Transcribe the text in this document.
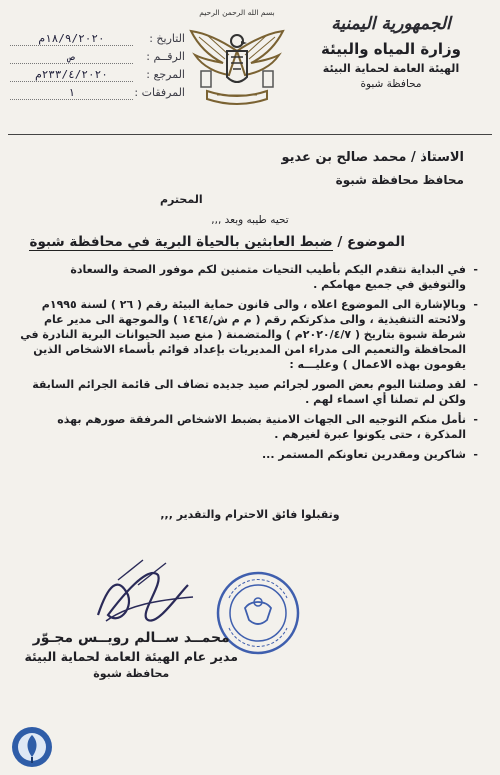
الجمهورية اليمنية
وزارة المياه والبيئة
الهيئة العامة لحماية البيئة
محافظة شبوة
بسم الله الرحمن الرحيم
التاريخ :
١٨/٩/٢٠٢٠م
الرقــم :
ص
المرجع :
٢٣٣/٤/٢٠٢٠م
المرفقات :
١
الاستاذ / محمد صالح بن عديو
محافظ محافظة شبوة
المحترم
تحيه طيبه وبعد ,,,
الموضوع / ضبط العابثين بالحياة البرية في محافظة شبوة
- في البداية نتقدم اليكم بأطيب التحيات متمنين لكم موفور الصحة والسعادة والتوفيق في جميع مهامكم .
- وبالإشارة الى الموضوع اعلاه ، والى قانون حماية البيئة رقم ( ٢٦ ) لسنة ١٩٩٥م ولائحته التنفيذية ، والى مذكرتكم رقم ( م م ش/١٤٦٤ ) والموجهة الى مدير عام شرطة شبوة بتاريخ ( ٢٠٢٠/٤/٧م ) والمتضمنة ( منع صيد الحيوانات البرية النادرة في المحافظة والتعميم الى مدراء امن المديريات بإعداد قوائم بأسماء الاشخاص الذين يقومون بهذه الاعمال ) وعليـــه :
- لقد وصلتنا اليوم بعض الصور لجرائم صيد جديده تضاف الى قائمة الجرائم السابقة ولكن لم تصلنا أي اسماء لهم .
- نأمل منكم التوجيه الى الجهات الامنية بضبط الاشخاص المرفقة صورهم بهذه المذكرة ، حتى يكونوا عبرة لغيرهم .
- شاكرين ومقدرين تعاونكم المستمر ...
وتقبلوا فائق الاحترام والتقدير ,,,
محمــد ســالم رويــس مجـوّر
مدير عام الهيئة العامة لحماية البيئة
محافظة شبوة
